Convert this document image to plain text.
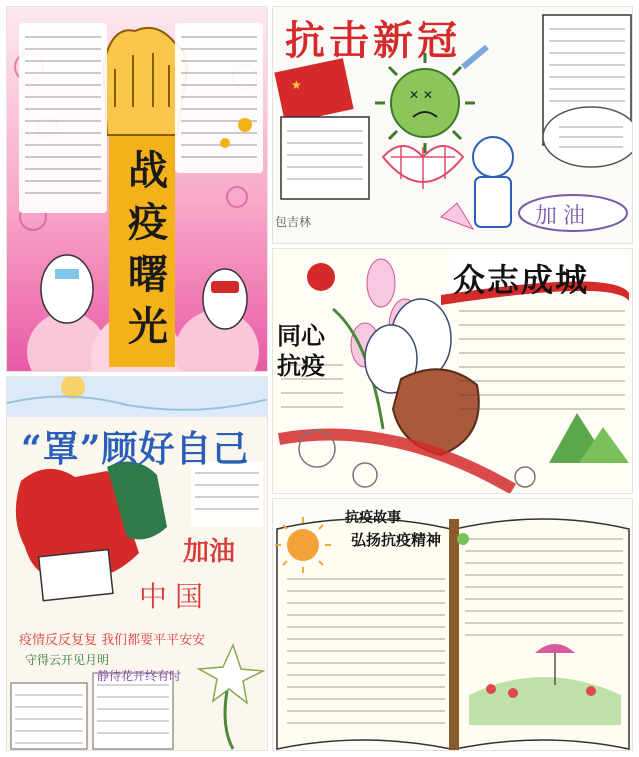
战疫曙光
★
✕ ✕
抗击新冠
加油
包吉林
众志成城
同心抗疫
“罩”顾好自己
加油
中国
疫情反反复复 我们都要平平安安
守得云开见月明
静待花开终有时
抗疫故事
弘扬抗疫精神
